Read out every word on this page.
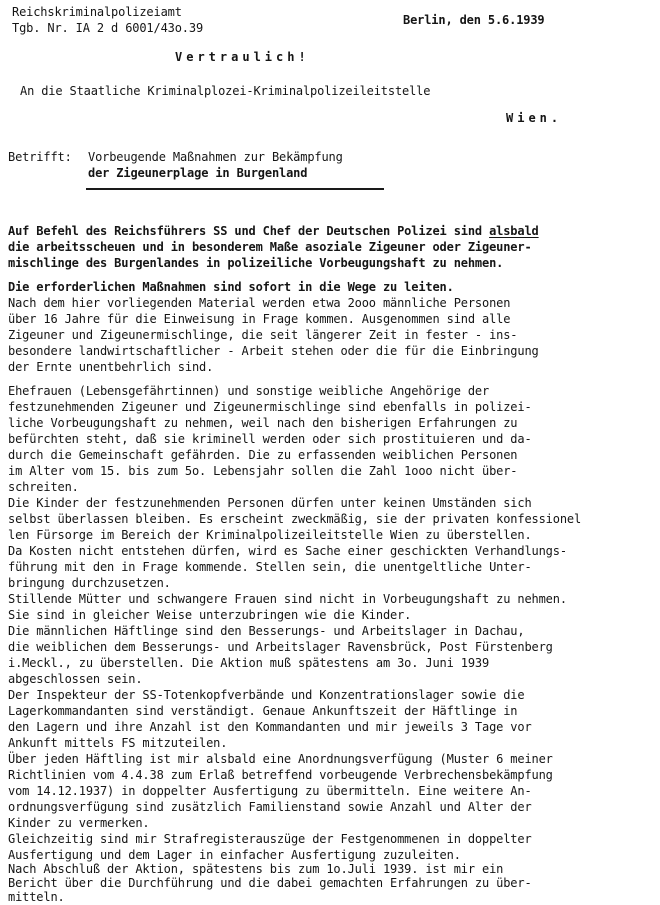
Reichskriminalpolizeiamt
Tgb. Nr. IA 2 d 6001/43o.39
Berlin, den 5.6.1939
Vertraulich!
An die Staatliche Kriminalplozei-Kriminalpolizeileitstelle
Wien.
Betrifft: Vorbeugende Maßnahmen zur Bekämpfung
der Zigeunerplage in Burgenland
Auf Befehl des Reichsführers SS und Chef der Deutschen Polizei sind alsbald
die arbeitsscheuen und in besonderem Maße asoziale Zigeuner oder Zigeuner-
mischlinge des Burgenlandes in polizeiliche Vorbeugungshaft zu nehmen.
Die erforderlichen Maßnahmen sind sofort in die Wege zu leiten.
Nach dem hier vorliegenden Material werden etwa 2ooo männliche Personen
über 16 Jahre für die Einweisung in Frage kommen. Ausgenommen sind alle
Zigeuner und Zigeunermischlinge, die seit längerer Zeit in fester - ins-
besondere landwirtschaftlicher - Arbeit stehen oder die für die Einbringung
der Ernte unentbehrlich sind.
Ehefrauen (Lebensgefährtinnen) und sonstige weibliche Angehörige der
festzunehmenden Zigeuner und Zigeunermischlinge sind ebenfalls in polizei-
liche Vorbeugungshaft zu nehmen, weil nach den bisherigen Erfahrungen zu
befürchten steht, daß sie kriminell werden oder sich prostituieren und da-
durch die Gemeinschaft gefährden. Die zu erfassenden weiblichen Personen
im Alter vom 15. bis zum 5o. Lebensjahr sollen die Zahl 1ooo nicht über-
schreiten.
Die Kinder der festzunehmenden Personen dürfen unter keinen Umständen sich
selbst überlassen bleiben. Es erscheint zweckmäßig, sie der privaten konfessionel
len Fürsorge im Bereich der Kriminalpolizeileitstelle Wien zu überstellen.
Da Kosten nicht entstehen dürfen, wird es Sache einer geschickten Verhandlungs-
führung mit den in Frage kommende. Stellen sein, die unentgeltliche Unter-
bringung durchzusetzen.
Stillende Mütter und schwangere Frauen sind nicht in Vorbeugungshaft zu nehmen.
Sie sind in gleicher Weise unterzubringen wie die Kinder.
Die männlichen Häftlinge sind den Besserungs- und Arbeitslager in Dachau,
die weiblichen dem Besserungs- und Arbeitslager Ravensbrück, Post Fürstenberg
i.Meckl., zu überstellen. Die Aktion muß spätestens am 3o. Juni 1939
abgeschlossen sein.
Der Inspekteur der SS-Totenkopfverbände und Konzentrationslager sowie die
Lagerkommandanten sind verständigt. Genaue Ankunftszeit der Häftlinge in
den Lagern und ihre Anzahl ist den Kommandanten und mir jeweils 3 Tage vor
Ankunft mittels FS mitzuteilen.
Über jeden Häftling ist mir alsbald eine Anordnungsverfügung (Muster 6 meiner
Richtlinien vom 4.4.38 zum Erlaß betreffend vorbeugende Verbrechensbekämpfung
vom 14.12.1937) in doppelter Ausfertigung zu übermitteln. Eine weitere An-
ordnungsverfügung sind zusätzlich Familienstand sowie Anzahl und Alter der
Kinder zu vermerken.
Gleichzeitig sind mir Strafregisterauszüge der Festgenommenen in doppelter
Ausfertigung und dem Lager in einfacher Ausfertigung zuzuleiten.
Nach Abschluß der Aktion, spätestens bis zum 1o.Juli 1939. ist mir ein
Bericht über die Durchführung und die dabei gemachten Erfahrungen zu über-
mitteln.
